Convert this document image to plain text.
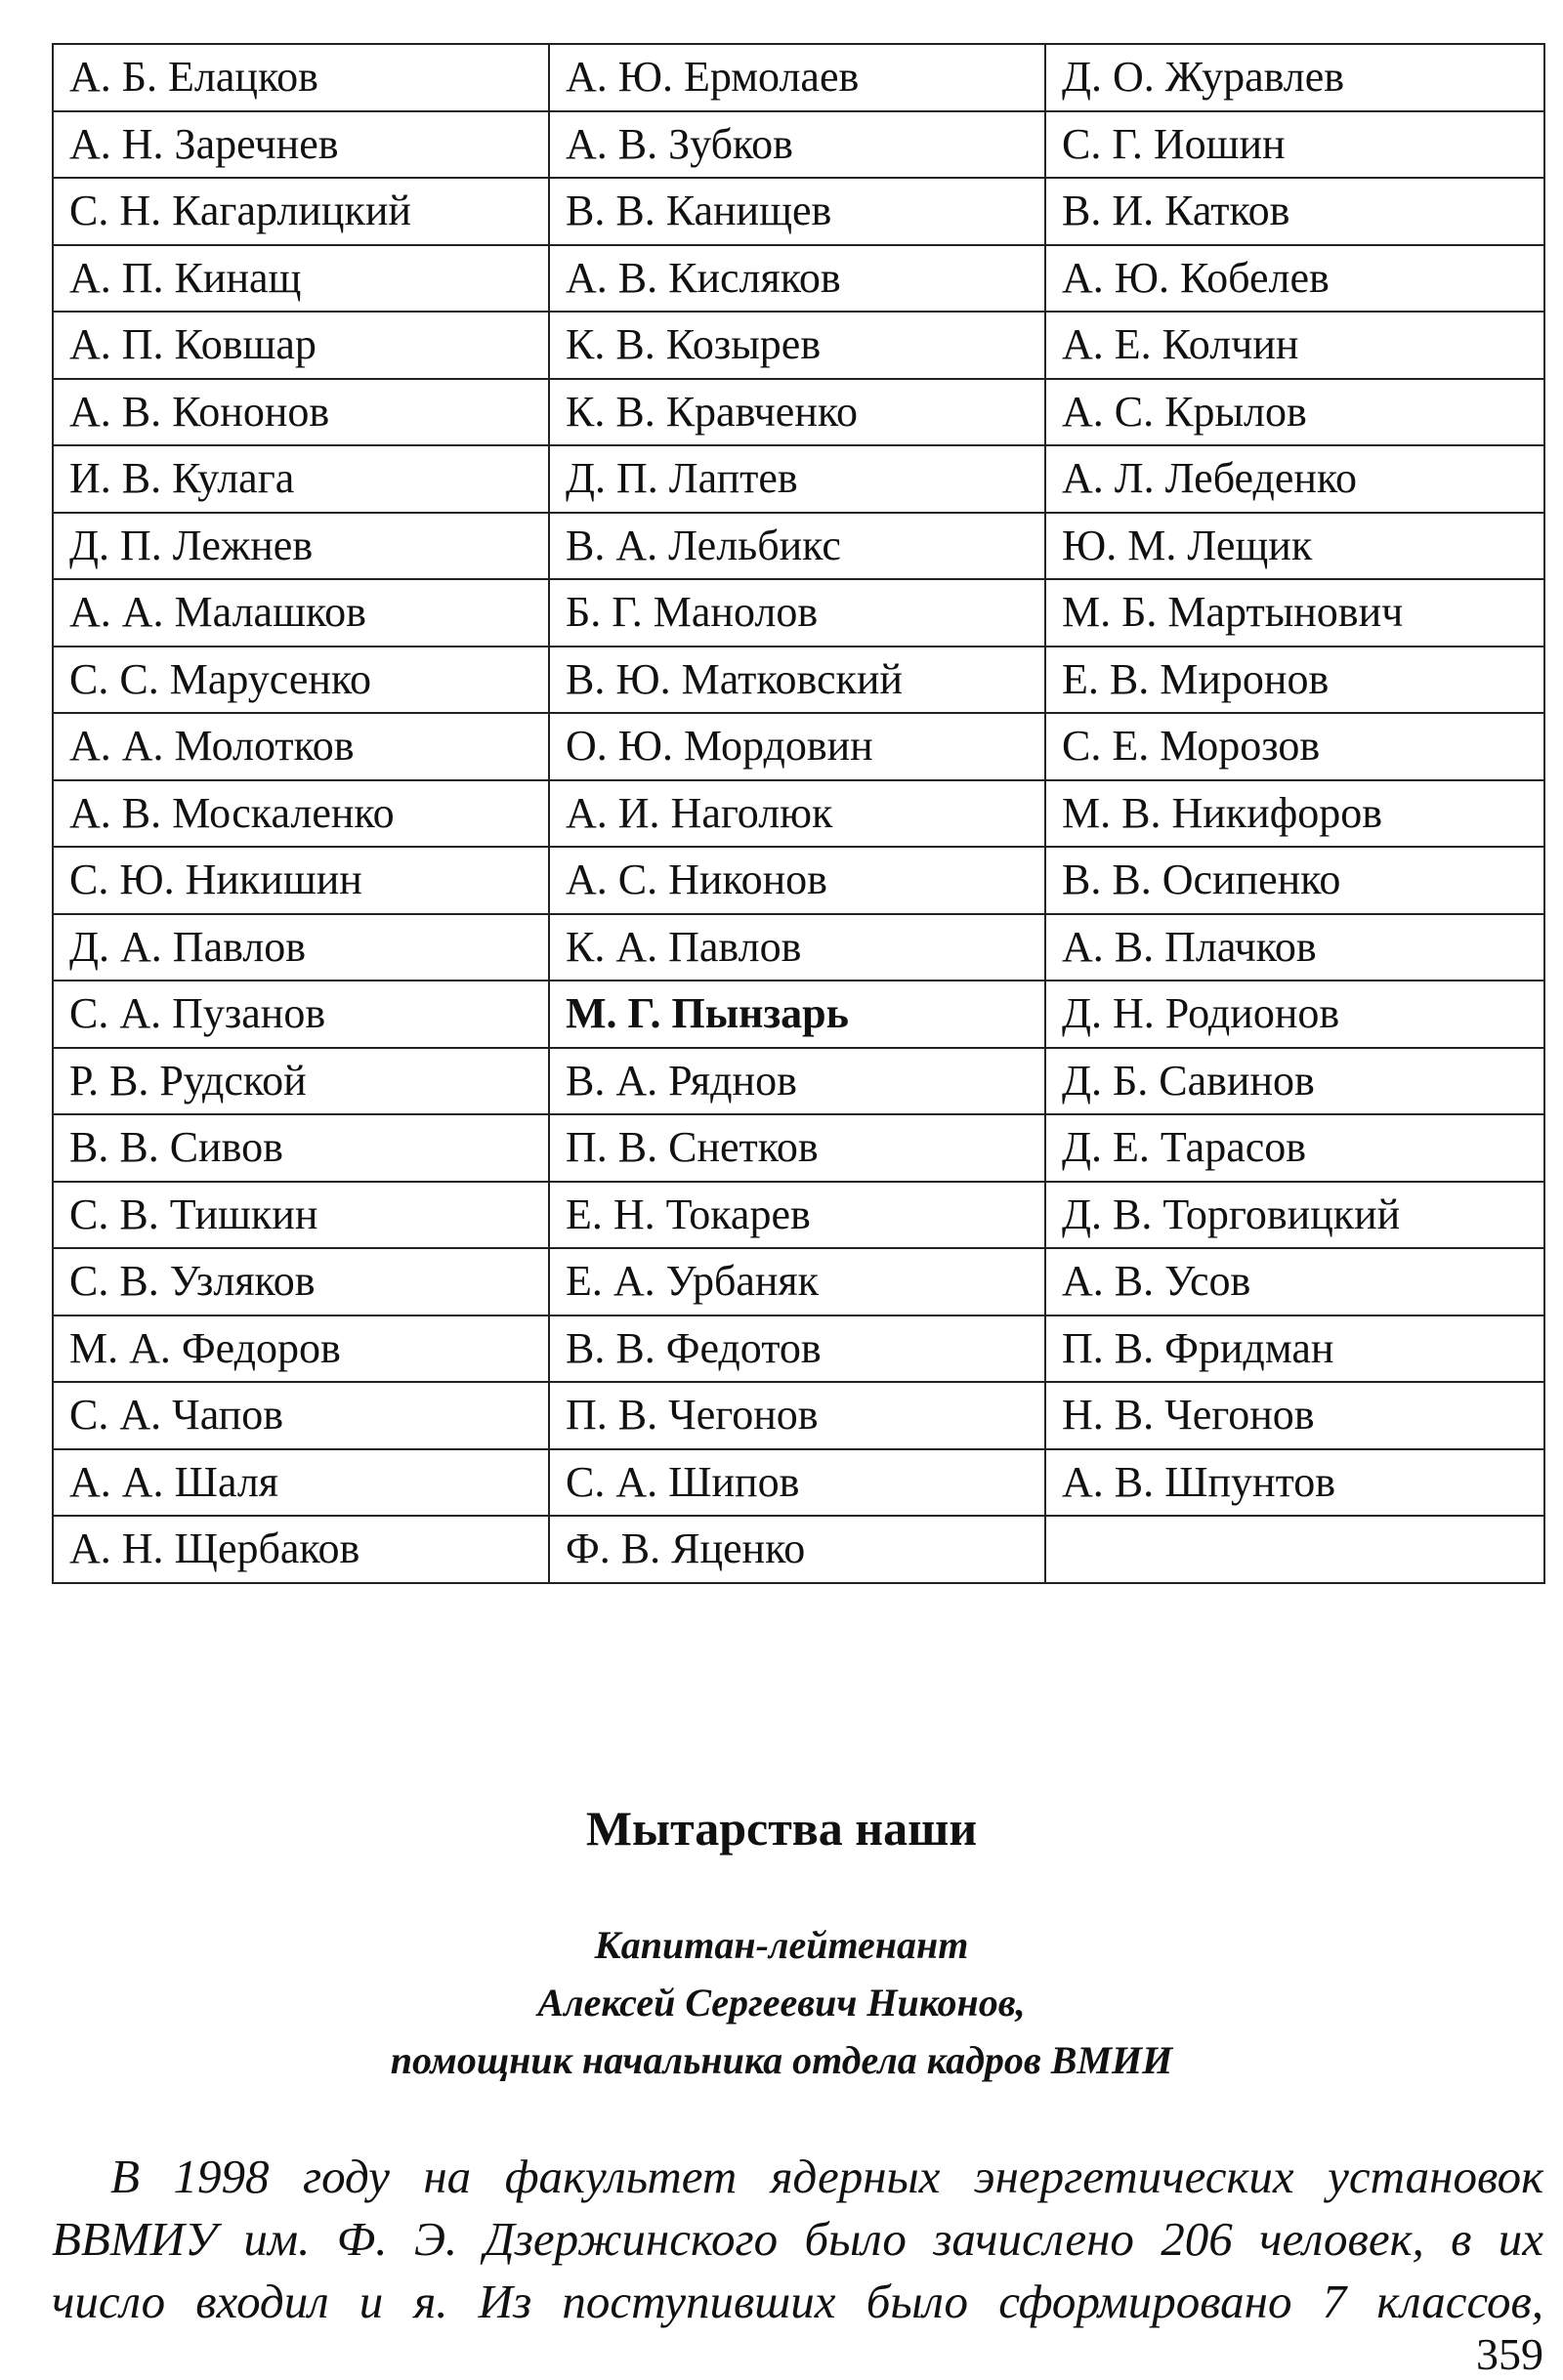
А. Б. Елацков	А. Ю. Ермолаев	Д. О. Журавлев
А. Н. Заречнев	А. В. Зубков	С. Г. Иошин
С. Н. Кагарлицкий	В. В. Канищев	В. И. Катков
А. П. Кинащ	А. В. Кисляков	А. Ю. Кобелев
А. П. Ковшар	К. В. Козырев	А. Е. Колчин
А. В. Кононов	К. В. Кравченко	А. С. Крылов
И. В. Кулага	Д. П. Лаптев	А. Л. Лебеденко
Д. П. Лежнев	В. А. Лельбикс	Ю. М. Лещик
А. А. Малашков	Б. Г. Манолов	М. Б. Мартынович
С. С. Марусенко	В. Ю. Матковский	Е. В. Миронов
А. А. Молотков	О. Ю. Мордовин	С. Е. Морозов
А. В. Москаленко	А. И. Наголюк	М. В. Никифоров
С. Ю. Никишин	А. С. Никонов	В. В. Осипенко
Д. А. Павлов	К. А. Павлов	А. В. Плачков
С. А. Пузанов	М. Г. Пынзарь	Д. Н. Родионов
Р. В. Рудской	В. А. Ряднов	Д. Б. Савинов
В. В. Сивов	П. В. Снетков	Д. Е. Тарасов
С. В. Тишкин	Е. Н. Токарев	Д. В. Торговицкий
С. В. Узляков	Е. А. Урбаняк	А. В. Усов
М. А. Федоров	В. В. Федотов	П. В. Фридман
С. А. Чапов	П. В. Чегонов	Н. В. Чегонов
А. А. Шаля	С. А. Шипов	А. В. Шпунтов
А. Н. Щербаков	Ф. В. Яценко	
Мытарства наши

Капитан-лейтенант

Алексей Сергеевич Никонов,

помощник начальника отдела кадров ВМИИ

В 1998 году на факультет ядерных энергетических установок

ВВМИУ им. Ф. Э. Дзержинского было зачислено 206 человек, в их

число входил и я. Из поступивших было сформировано 7 классов,

359
